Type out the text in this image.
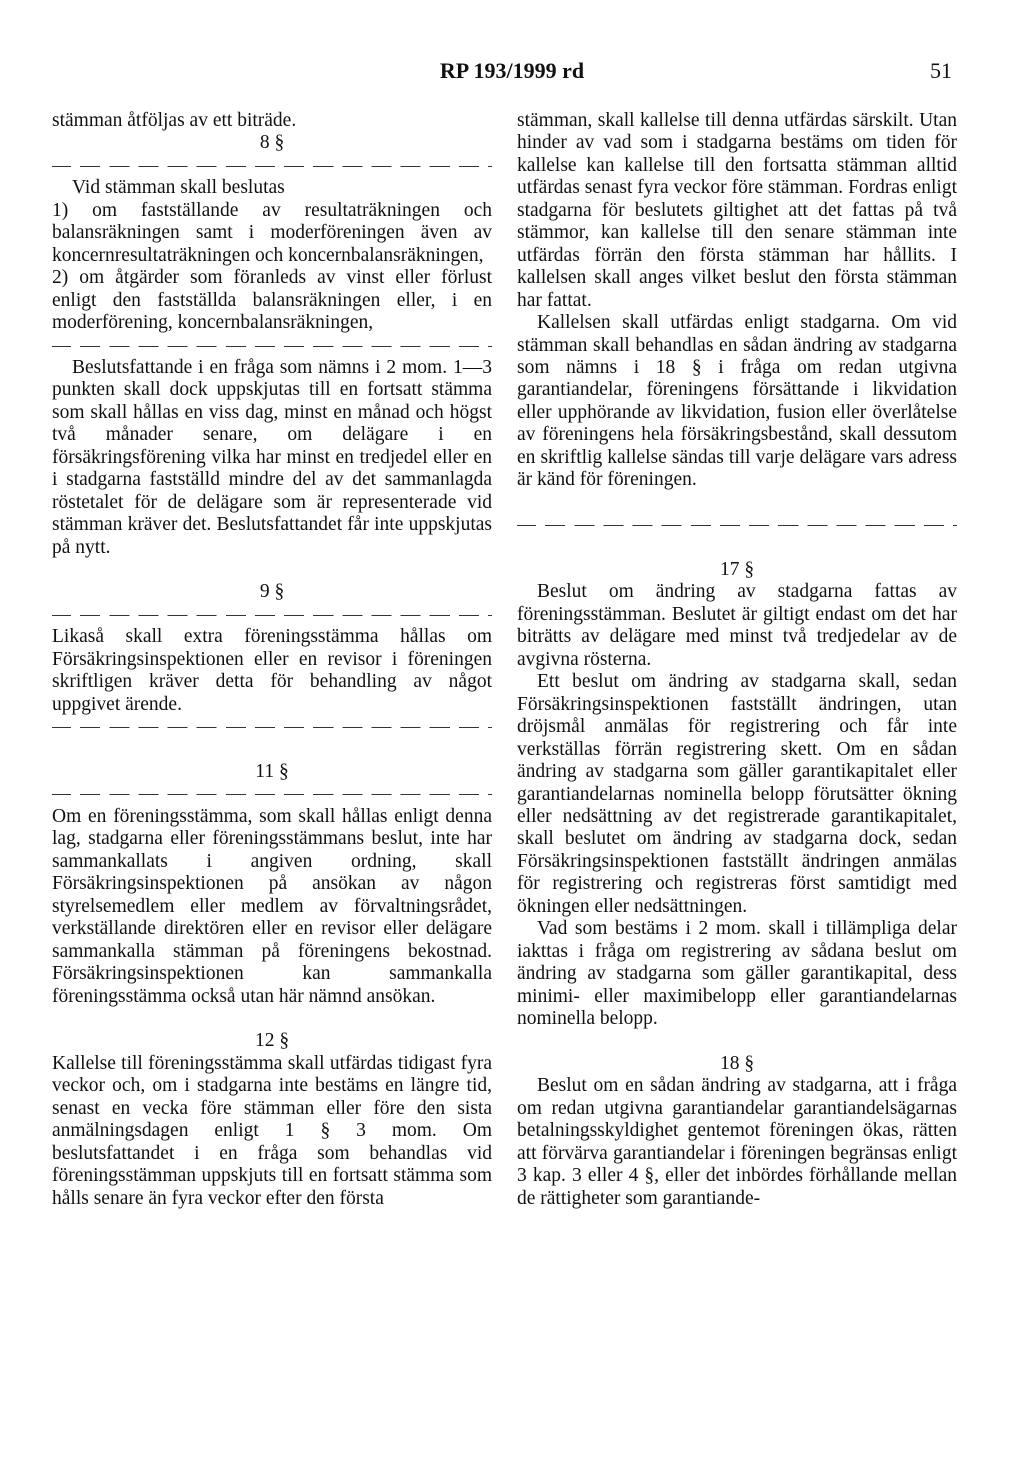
RP 193/1999 rd	51

stämman åtföljas av ett biträde.

8 §

Vid stämman skall beslutas

1) om fastställande av resultaträkningen och balansräkningen samt i moderföreningen även av koncernresultaträkningen och koncernbalansräkningen,

2) om åtgärder som föranleds av vinst eller förlust enligt den fastställda balansräkningen eller, i en moderförening, koncernbalansräkningen,

Beslutsfattande i en fråga som nämns i 2 mom. 1—3 punkten skall dock uppskjutas till en fortsatt stämma som skall hållas en viss dag, minst en månad och högst två månader senare, om delägare i en försäkringsförening vilka har minst en tredjedel eller en i stadgarna fastställd mindre del av det sammanlagda röstetalet för de delägare som är representerade vid stämman kräver det. Beslutsfattandet får inte uppskjutas på nytt.

9 §

Likaså skall extra föreningsstämma hållas om Försäkringsinspektionen eller en revisor i föreningen skriftligen kräver detta för behandling av något uppgivet ärende.

11 §

Om en föreningsstämma, som skall hållas enligt denna lag, stadgarna eller föreningsstämmans beslut, inte har sammankallats i angiven ordning, skall Försäkringsinspektionen på ansökan av någon styrelsemedlem eller medlem av förvaltningsrådet, verkställande direktören eller en revisor eller delägare sammankalla stämman på föreningens bekostnad. Försäkringsinspektionen kan sammankalla föreningsstämma också utan här nämnd ansökan.

12 §

Kallelse till föreningsstämma skall utfärdas tidigast fyra veckor och, om i stadgarna inte bestäms en längre tid, senast en vecka före stämman eller före den sista anmälningsdagen enligt 1 § 3 mom. Om beslutsfattandet i en fråga som behandlas vid föreningsstämman uppskjuts till en fortsatt stämma som hålls senare än fyra veckor efter den första

stämman, skall kallelse till denna utfärdas särskilt. Utan hinder av vad som i stadgarna bestäms om tiden för kallelse kan kallelse till den fortsatta stämman alltid utfärdas senast fyra veckor före stämman. Fordras enligt stadgarna för beslutets giltighet att det fattas på två stämmor, kan kallelse till den senare stämman inte utfärdas förrän den första stämman har hållits. I kallelsen skall anges vilket beslut den första stämman har fattat.

Kallelsen skall utfärdas enligt stadgarna. Om vid stämman skall behandlas en sådan ändring av stadgarna som nämns i 18 § i fråga om redan utgivna garantiandelar, föreningens försättande i likvidation eller upphörande av likvidation, fusion eller överlåtelse av föreningens hela försäkringsbestånd, skall dessutom en skriftlig kallelse sändas till varje delägare vars adress är känd för föreningen.

17 §

Beslut om ändring av stadgarna fattas av föreningsstämman. Beslutet är giltigt endast om det har biträtts av delägare med minst två tredjedelar av de avgivna rösterna.

Ett beslut om ändring av stadgarna skall, sedan Försäkringsinspektionen fastställt ändringen, utan dröjsmål anmälas för registrering och får inte verkställas förrän registrering skett. Om en sådan ändring av stadgarna som gäller garantikapitalet eller garantiandelarnas nominella belopp förutsätter ökning eller nedsättning av det registrerade garantikapitalet, skall beslutet om ändring av stadgarna dock, sedan Försäkringsinspektionen fastställt ändringen anmälas för registrering och registreras först samtidigt med ökningen eller nedsättningen.

Vad som bestäms i 2 mom. skall i tillämpliga delar iakttas i fråga om registrering av sådana beslut om ändring av stadgarna som gäller garantikapital, dess minimi- eller maximibelopp eller garantiandelarnas nominella belopp.

18 §

Beslut om en sådan ändring av stadgarna, att i fråga om redan utgivna garantiandelar garantiandelsägarnas betalningsskyldighet gentemot föreningen ökas, rätten att förvärva garantiandelar i föreningen begränsas enligt 3 kap. 3 eller 4 §, eller det inbördes förhållande mellan de rättigheter som garantiande-
